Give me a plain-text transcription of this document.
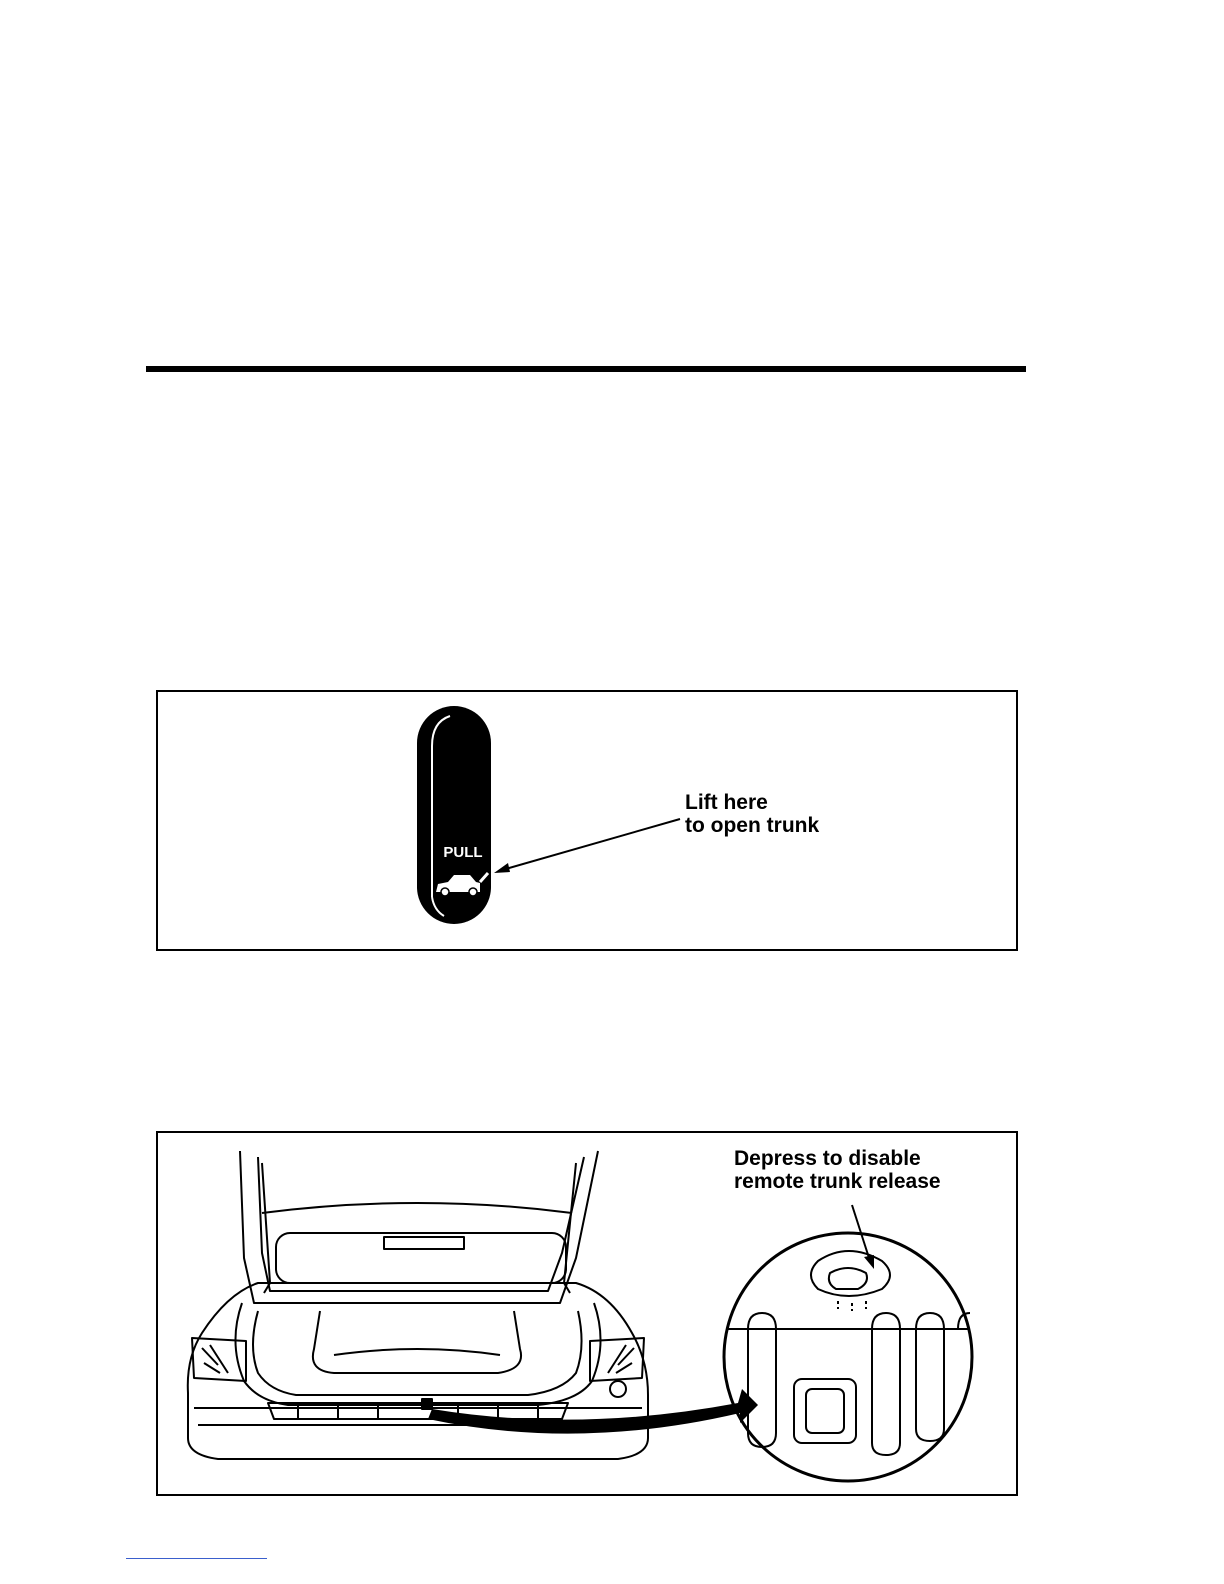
PULL
Lift here
to open trunk
Depress to disable
remote trunk release
